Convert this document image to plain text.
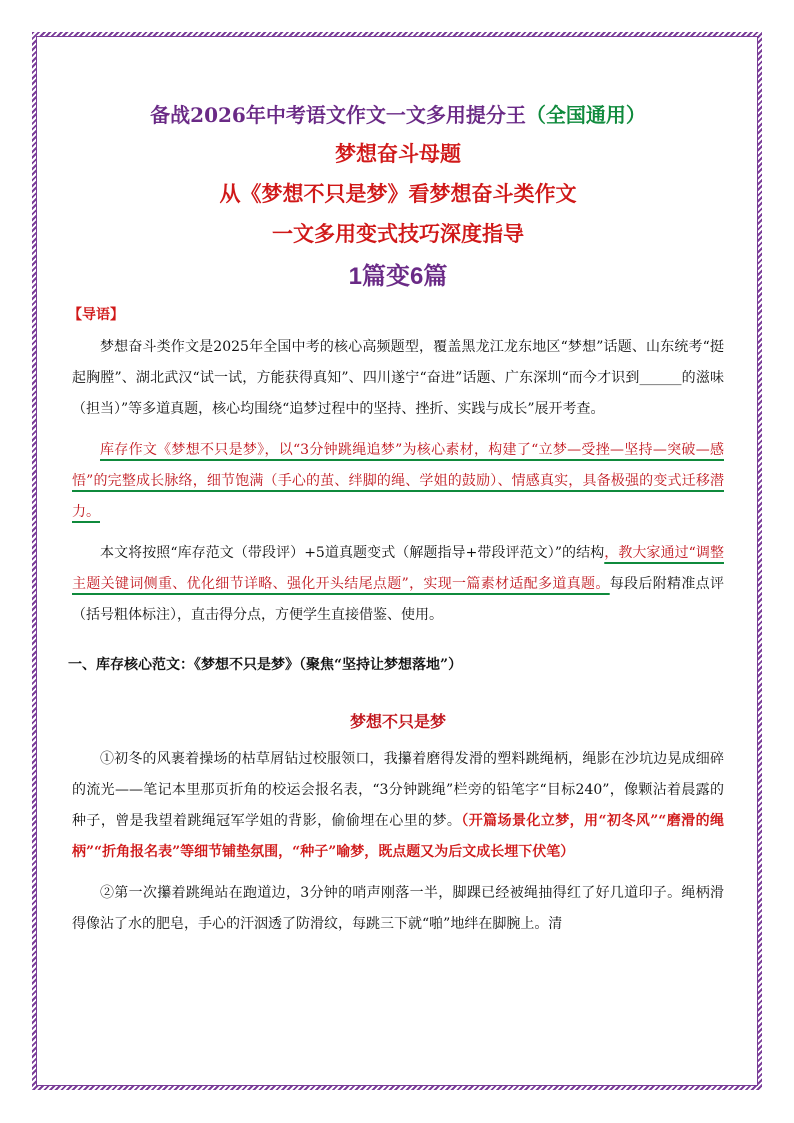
备战2026年中考语文作文一文多用提分王（全国通用）
梦想奋斗母题
从《梦想不只是梦》看梦想奋斗类作文
一文多用变式技巧深度指导
1篇变6篇
【导语】

梦想奋斗类作文是2025年全国中考的核心高频题型，覆盖黑龙江龙东地区“梦想”话题、山东统考“挺起胸膛”、湖北武汉“试一试，方能获得真知”、四川遂宁“奋进”话题、广东深圳“而今才识到______的滋味（担当）”等多道真题，核心均围绕“追梦过程中的坚持、挫折、实践与成长”展开考查。

库存作文《梦想不只是梦》，以“3分钟跳绳追梦”为核心素材，构建了“立梦—受挫—坚持—突破—感悟”的完整成长脉络，细节饱满（手心的茧、绊脚的绳、学姐的鼓励）、情感真实，具备极强的变式迁移潜力。

本文将按照“库存范文（带段评）+5道真题变式（解题指导+带段评范文）”的结构，教大家通过“调整主题关键词侧重、优化细节详略、强化开头结尾点题”，实现一篇素材适配多道真题。每段后附精准点评（括号粗体标注），直击得分点，方便学生直接借鉴、使用。

一、库存核心范文：《梦想不只是梦》（聚焦“坚持让梦想落地”）
梦想不只是梦

①初冬的风裹着操场的枯草屑钻过校服领口，我攥着磨得发滑的塑料跳绳柄，绳影在沙坑边晃成细碎的流光——笔记本里那页折角的校运会报名表，“3分钟跳绳”栏旁的铅笔字“目标240”，像颗沾着晨露的种子，曾是我望着跳绳冠军学姐的背影，偷偷埋在心里的梦。（开篇场景化立梦，用“初冬风”“磨滑的绳柄”“折角报名表”等细节铺垫氛围，“种子”喻梦，既点题又为后文成长埋下伏笔）

②第一次攥着跳绳站在跑道边，3分钟的哨声刚落一半，脚踝已经被绳抽得红了好几道印子。绳柄滑得像沾了水的肥皂，手心的汗洇透了防滑纹，每跳三下就“啪”地绊在脚腕上。清
